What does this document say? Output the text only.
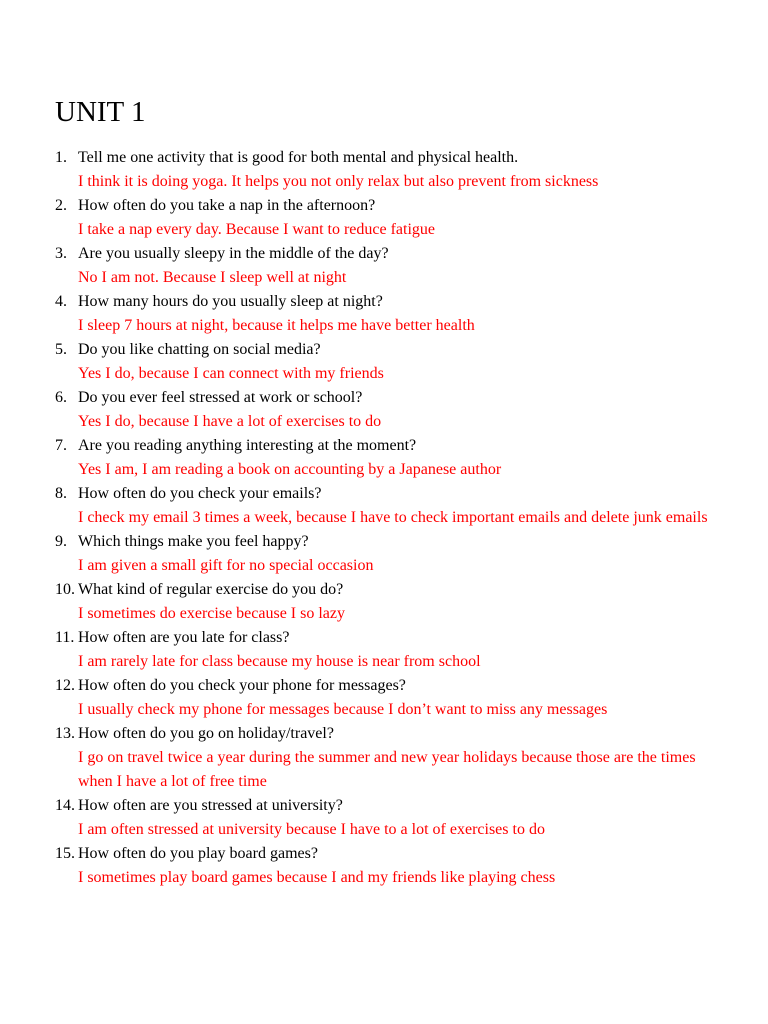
UNIT 1
1. Tell me one activity that is good for both mental and physical health.

I think it is doing yoga. It helps you not only relax but also prevent from sickness

2. How often do you take a nap in the afternoon?

I take a nap every day. Because I want to reduce fatigue

3. Are you usually sleepy in the middle of the day?

No I am not. Because I sleep well at night

4. How many hours do you usually sleep at night?

I sleep 7 hours at night, because it helps me have better health

5. Do you like chatting on social media?

Yes I do, because I can connect with my friends

6. Do you ever feel stressed at work or school?

Yes I do, because I have a lot of exercises to do

7. Are you reading anything interesting at the moment?

Yes I am, I am reading a book on accounting by a Japanese author

8. How often do you check your emails?

I check my email 3 times a week, because I have to check important emails and delete junk emails

9. Which things make you feel happy?

I am given a small gift for no special occasion

10. What kind of regular exercise do you do?

I sometimes do exercise because I so lazy

11. How often are you late for class?

I am rarely late for class because my house is near from school

12. How often do you check your phone for messages?

I usually check my phone for messages because I don’t want to miss any messages

13. How often do you go on holiday/travel?

I go on travel twice a year during the summer and new year holidays because those are the times when I have a lot of free time

14. How often are you stressed at university?

I am often stressed at university because I have to a lot of exercises to do

15. How often do you play board games?

I sometimes play board games because I and my friends like playing chess
